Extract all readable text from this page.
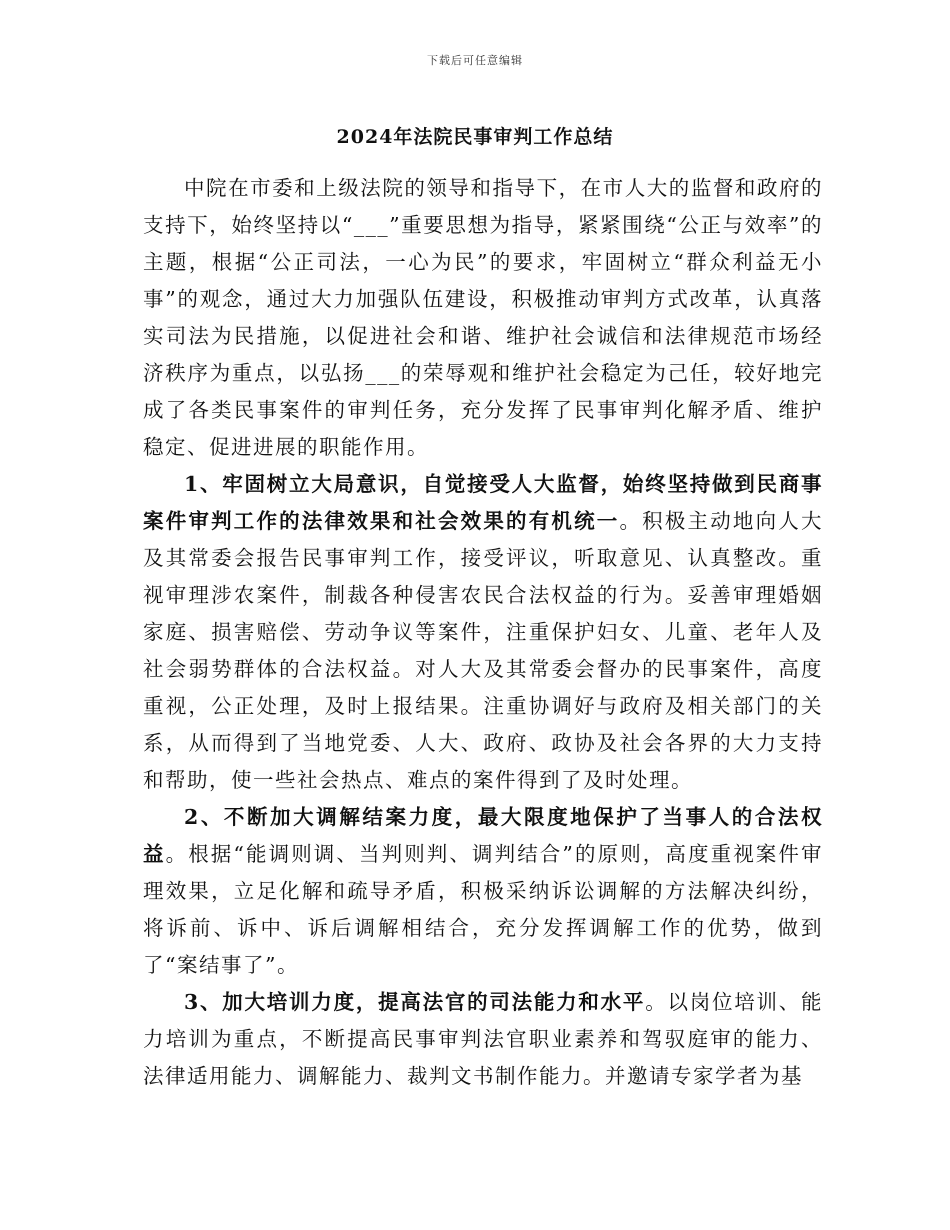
下载后可任意编辑
2024年法院民事审判工作总结

中院在市委和上级法院的领导和指导下，在市人大的监督和政府的支持下，始终坚持以“___”重要思想为指导，紧紧围绕“公正与效率”的主题，根据“公正司法，一心为民”的要求，牢固树立“群众利益无小事”的观念，通过大力加强队伍建设，积极推动审判方式改革，认真落实司法为民措施，以促进社会和谐、维护社会诚信和法律规范市场经济秩序为重点，以弘扬___的荣辱观和维护社会稳定为己任，较好地完成了各类民事案件的审判任务，充分发挥了民事审判化解矛盾、维护稳定、促进进展的职能作用。

1、牢固树立大局意识，自觉接受人大监督，始终坚持做到民商事案件审判工作的法律效果和社会效果的有机统一。积极主动地向人大及其常委会报告民事审判工作，接受评议，听取意见、认真整改。重视审理涉农案件，制裁各种侵害农民合法权益的行为。妥善审理婚姻家庭、损害赔偿、劳动争议等案件，注重保护妇女、儿童、老年人及社会弱势群体的合法权益。对人大及其常委会督办的民事案件，高度重视，公正处理，及时上报结果。注重协调好与政府及相关部门的关系，从而得到了当地党委、人大、政府、政协及社会各界的大力支持和帮助，使一些社会热点、难点的案件得到了及时处理。

2、不断加大调解结案力度，最大限度地保护了当事人的合法权益。根据“能调则调、当判则判、调判结合”的原则，高度重视案件审理效果，立足化解和疏导矛盾，积极采纳诉讼调解的方法解决纠纷，将诉前、诉中、诉后调解相结合，充分发挥调解工作的优势，做到了“案结事了”。

3、加大培训力度，提高法官的司法能力和水平。以岗位培训、能力培训为重点，不断提高民事审判法官职业素养和驾驭庭审的能力、法律适用能力、调解能力、裁判文书制作能力。并邀请专家学者为基
